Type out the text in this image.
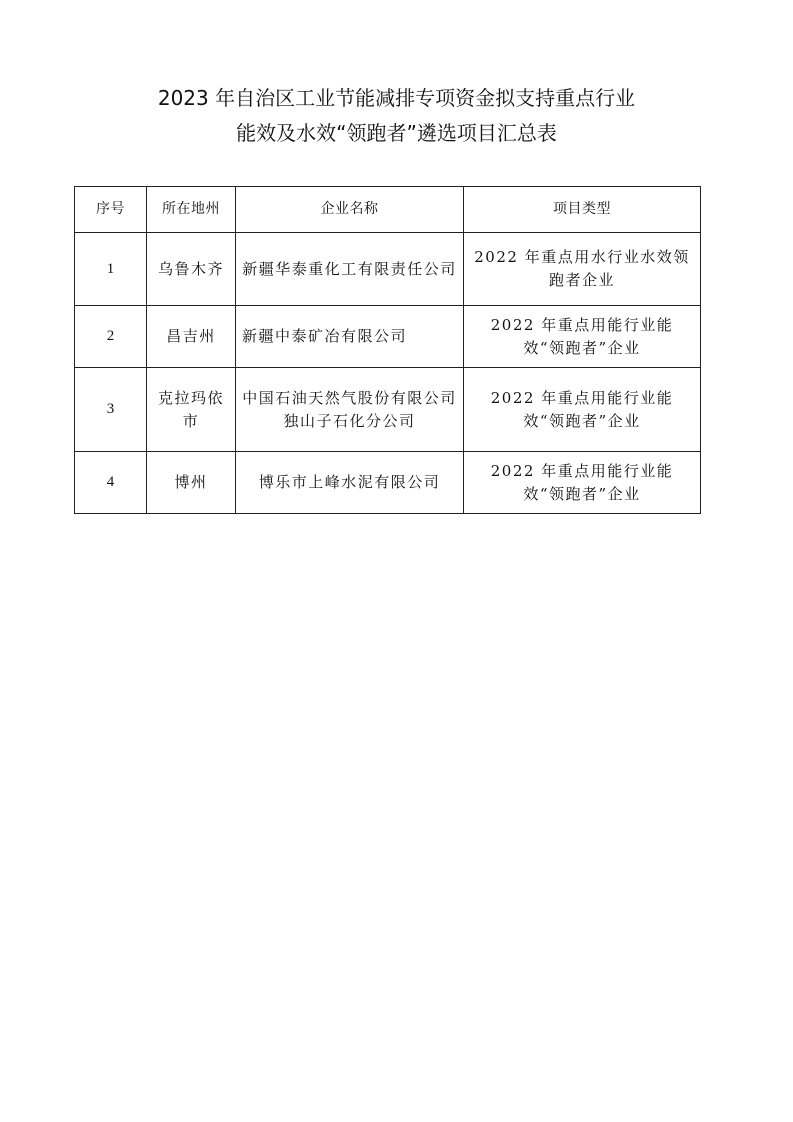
2023 年自治区工业节能减排专项资金拟支持重点行业
能效及水效“领跑者”遴选项目汇总表
序号	所在地州	企业名称	项目类型
1	乌鲁木齐	新疆华泰重化工有限责任公司	2022 年重点用水行业水效领跑者企业
2	昌吉州	新疆中泰矿冶有限公司	2022 年重点用能行业能效“领跑者”企业
3	克拉玛依市	中国石油天然气股份有限公司独山子石化分公司	2022 年重点用能行业能效“领跑者”企业
4	博州	博乐市上峰水泥有限公司	2022 年重点用能行业能效“领跑者”企业
